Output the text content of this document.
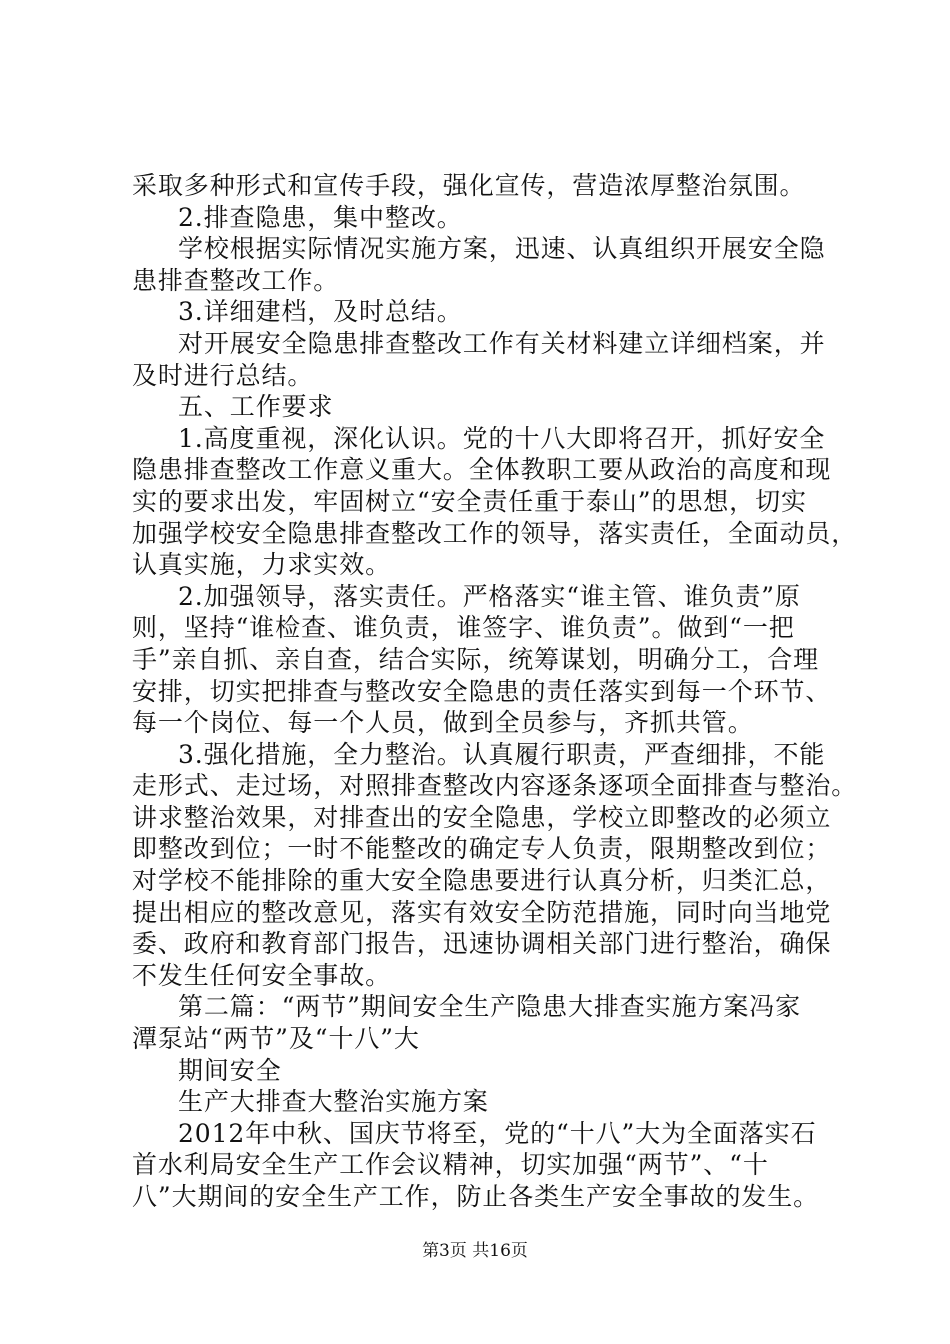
采取多种形式和宣传手段，强化宣传，营造浓厚整治氛围。
2.排查隐患，集中整改。
学校根据实际情况实施方案，迅速、认真组织开展安全隐
患排查整改工作。
3.详细建档，及时总结。
对开展安全隐患排查整改工作有关材料建立详细档案，并
及时进行总结。
五、工作要求
1.高度重视，深化认识。党的十八大即将召开，抓好安全
隐患排查整改工作意义重大。全体教职工要从政治的高度和现
实的要求出发，牢固树立“安全责任重于泰山”的思想，切实
加强学校安全隐患排查整改工作的领导，落实责任，全面动员，
认真实施，力求实效。
2.加强领导，落实责任。严格落实“谁主管、谁负责”原
则，坚持“谁检查、谁负责，谁签字、谁负责”。做到“一把
手”亲自抓、亲自查，结合实际，统筹谋划，明确分工，合理
安排，切实把排查与整改安全隐患的责任落实到每一个环节、
每一个岗位、每一个人员，做到全员参与，齐抓共管。
3.强化措施，全力整治。认真履行职责，严查细排，不能
走形式、走过场，对照排查整改内容逐条逐项全面排查与整治。
讲求整治效果，对排查出的安全隐患，学校立即整改的必须立
即整改到位；一时不能整改的确定专人负责，限期整改到位；
对学校不能排除的重大安全隐患要进行认真分析，归类汇总，
提出相应的整改意见，落实有效安全防范措施，同时向当地党
委、政府和教育部门报告，迅速协调相关部门进行整治，确保
不发生任何安全事故。
第二篇：“两节”期间安全生产隐患大排查实施方案冯家
潭泵站“两节”及“十八”大
期间安全
生产大排查大整治实施方案
2012年中秋、国庆节将至，党的“十八”大为全面落实石
首水利局安全生产工作会议精神，切实加强“两节”、“十
八”大期间的安全生产工作，防止各类生产安全事故的发生。
第3页 共16页
